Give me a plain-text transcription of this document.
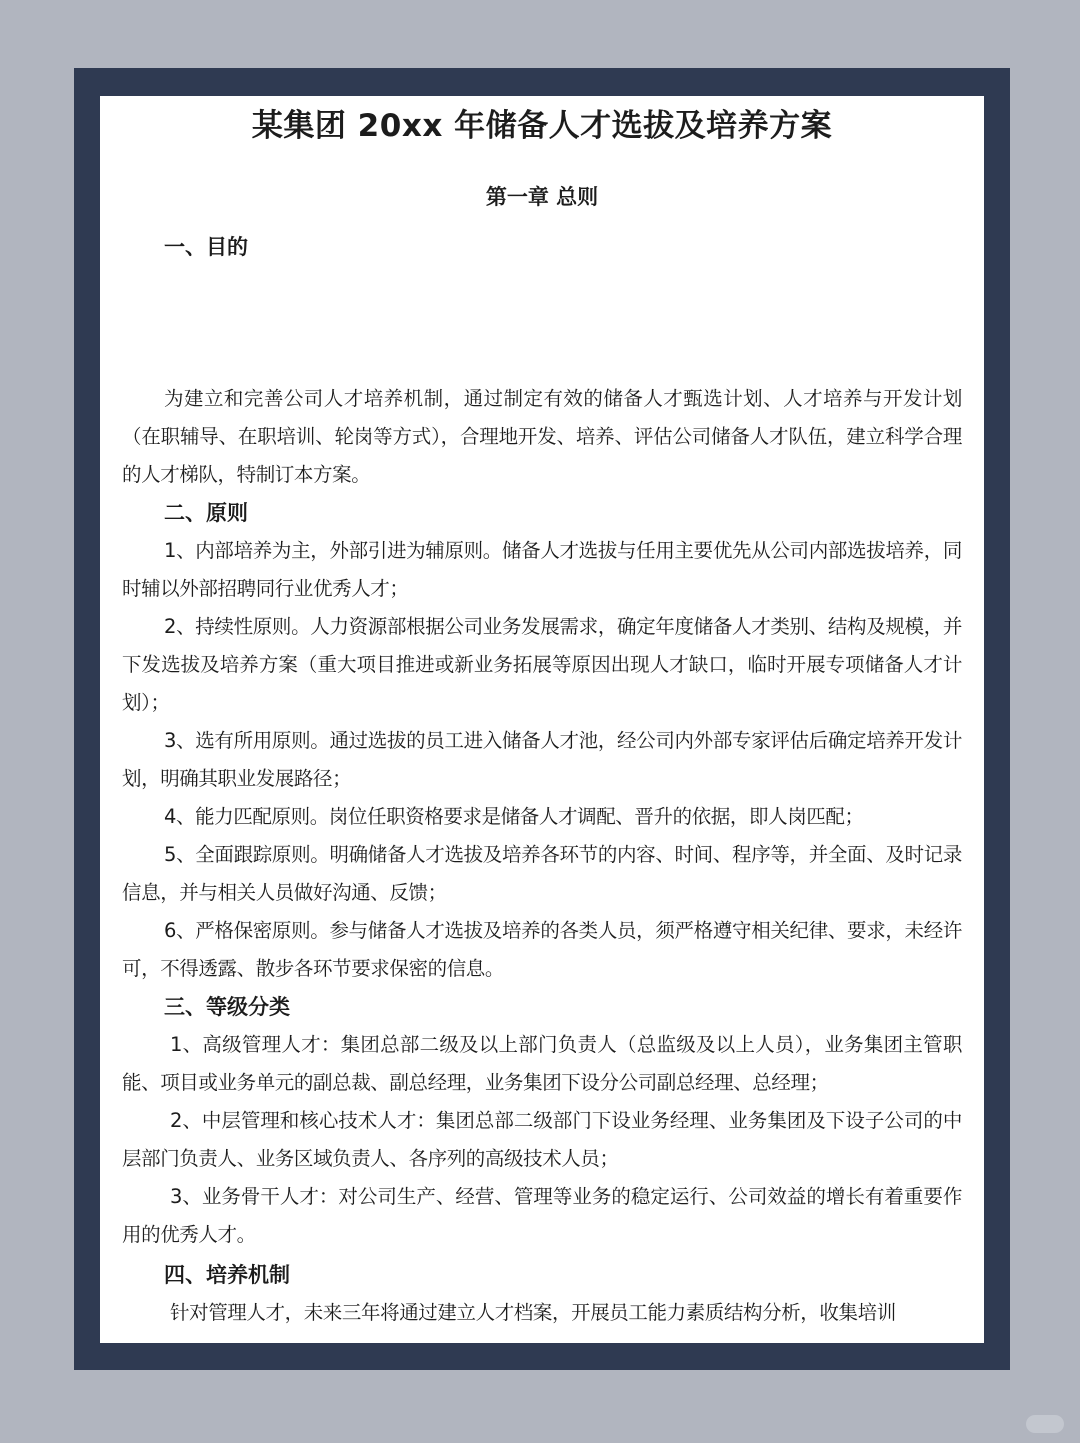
某集团 20xx 年储备人才选拔及培养方案
第一章 总则
一、目的

为建立和完善公司人才培养机制，通过制定有效的储备人才甄选计划、人才培养与开发计划（在职辅导、在职培训、轮岗等方式），合理地开发、培养、评估公司储备人才队伍，建立科学合理的人才梯队，特制订本方案。

二、原则

1、内部培养为主，外部引进为辅原则。储备人才选拔与任用主要优先从公司内部选拔培养，同时辅以外部招聘同行业优秀人才；

2、持续性原则。人力资源部根据公司业务发展需求，确定年度储备人才类别、结构及规模，并下发选拔及培养方案（重大项目推进或新业务拓展等原因出现人才缺口，临时开展专项储备人才计划）；

3、选有所用原则。通过选拔的员工进入储备人才池，经公司内外部专家评估后确定培养开发计划，明确其职业发展路径；

4、能力匹配原则。岗位任职资格要求是储备人才调配、晋升的依据，即人岗匹配；

5、全面跟踪原则。明确储备人才选拔及培养各环节的内容、时间、程序等，并全面、及时记录信息，并与相关人员做好沟通、反馈；

6、严格保密原则。参与储备人才选拔及培养的各类人员，须严格遵守相关纪律、要求，未经许可，不得透露、散步各环节要求保密的信息。

三、等级分类

1、高级管理人才：集团总部二级及以上部门负责人（总监级及以上人员），业务集团主管职能、项目或业务单元的副总裁、副总经理，业务集团下设分公司副总经理、总经理；

2、中层管理和核心技术人才：集团总部二级部门下设业务经理、业务集团及下设子公司的中层部门负责人、业务区域负责人、各序列的高级技术人员；

3、业务骨干人才：对公司生产、经营、管理等业务的稳定运行、公司效益的增长有着重要作用的优秀人才。

四、培养机制

针对管理人才，未来三年将通过建立人才档案，开展员工能力素质结构分析，收集培训
